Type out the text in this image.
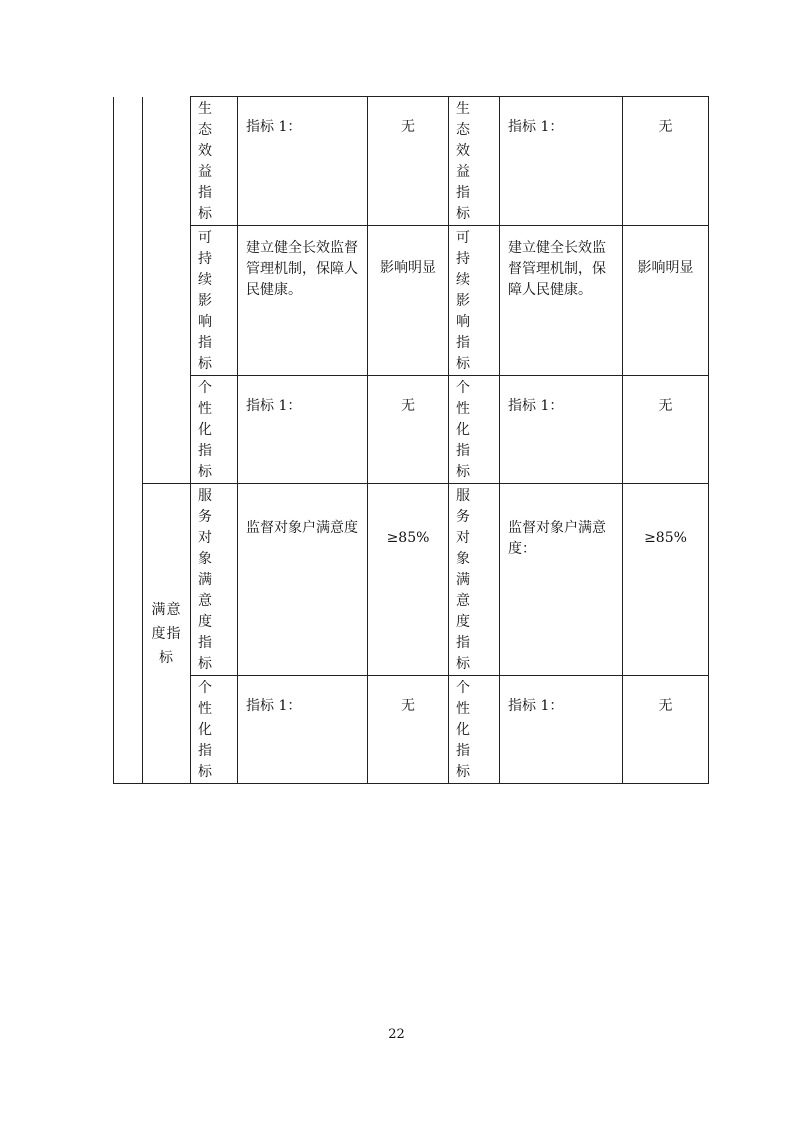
		生态效益指标	指标 1：	无	生态效益指标	指标 1：	无

		可持续影响指标	建立健全长效监督管理机制，保障人民健康。	影响明显	可持续影响指标	建立健全长效监督管理机制，保障人民健康。	影响明显

		个性化指标	指标 1：	无	个性化指标	指标 1：	无

	满意度指标	服务对象满意度指标	监督对象户满意度	≥85%	服务对象满意度指标	监督对象户满意度：	≥85%

		个性化指标	指标 1：	无	个性化指标	指标 1：	无
22
